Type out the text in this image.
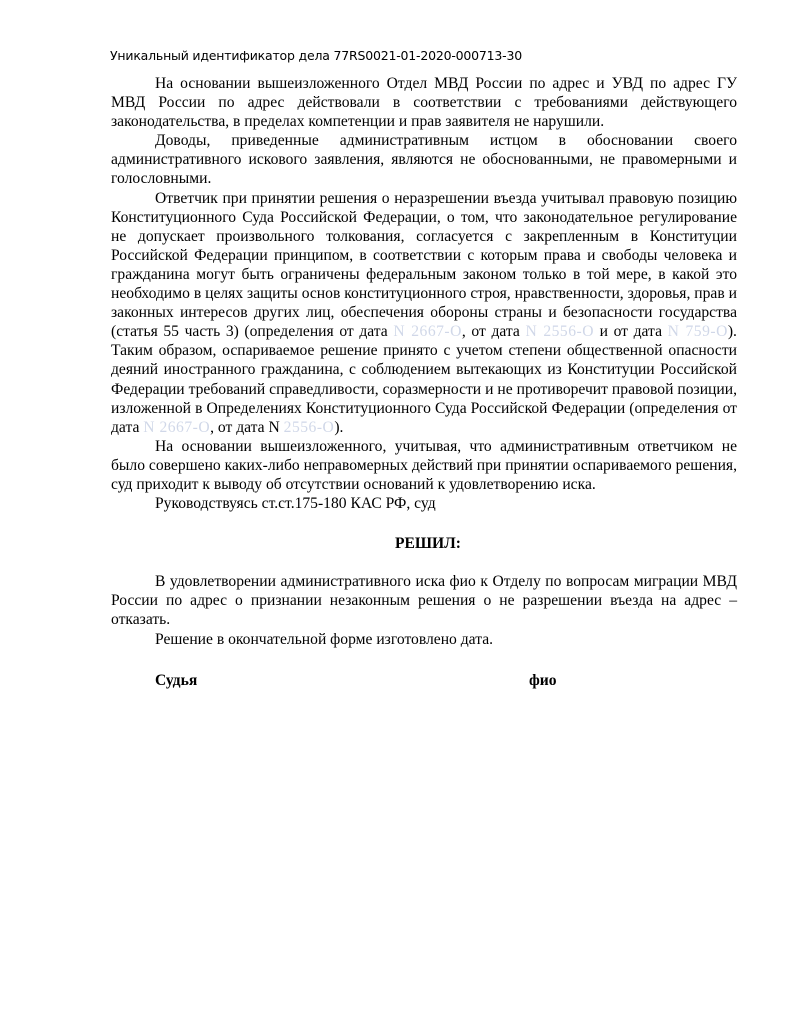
Уникальный идентификатор дела 77RS0021-01-2020-000713-30

На основании вышеизложенного Отдел МВД России по адрес и УВД по адрес ГУ МВД России по адрес действовали в соответствии с требованиями действующего законодательства, в пределах компетенции и прав заявителя не нарушили.

Доводы, приведенные административным истцом в обосновании своего административного искового заявления, являются не обоснованными, не правомерными и голословными.

Ответчик при принятии решения о неразрешении въезда учитывал правовую позицию Конституционного Суда Российской Федерации, о том, что законодательное регулирование не допускает произвольного толкования, согласуется с закрепленным в Конституции Российской Федерации принципом, в соответствии с которым права и свободы человека и гражданина могут быть ограничены федеральным законом только в той мере, в какой это необходимо в целях защиты основ конституционного строя, нравственности, здоровья, прав и законных интересов других лиц, обеспечения обороны страны и безопасности государства (статья 55 часть 3) (определения от дата N 2667-О, от дата N 2556-О и от дата N 759-О). Таким образом, оспариваемое решение принято с учетом степени общественной опасности деяний иностранного гражданина, с соблюдением вытекающих из Конституции Российской Федерации требований справедливости, соразмерности и не противоречит правовой позиции, изложенной в Определениях Конституционного Суда Российской Федерации (определения от дата N 2667-О, от дата N 2556-О).

На основании вышеизложенного, учитывая, что административным ответчиком не было совершено каких-либо неправомерных действий при принятии оспариваемого решения, суд приходит к выводу об отсутствии оснований к удовлетворению иска.

Руководствуясь ст.ст.175-180 КАС РФ, суд

РЕШИЛ:

В удовлетворении административного иска фио к Отделу по вопросам миграции МВД России по адрес о признании незаконным решения о не разрешении въезда на адрес – отказать.

Решение в окончательной форме изготовлено дата.

Судья	фио
